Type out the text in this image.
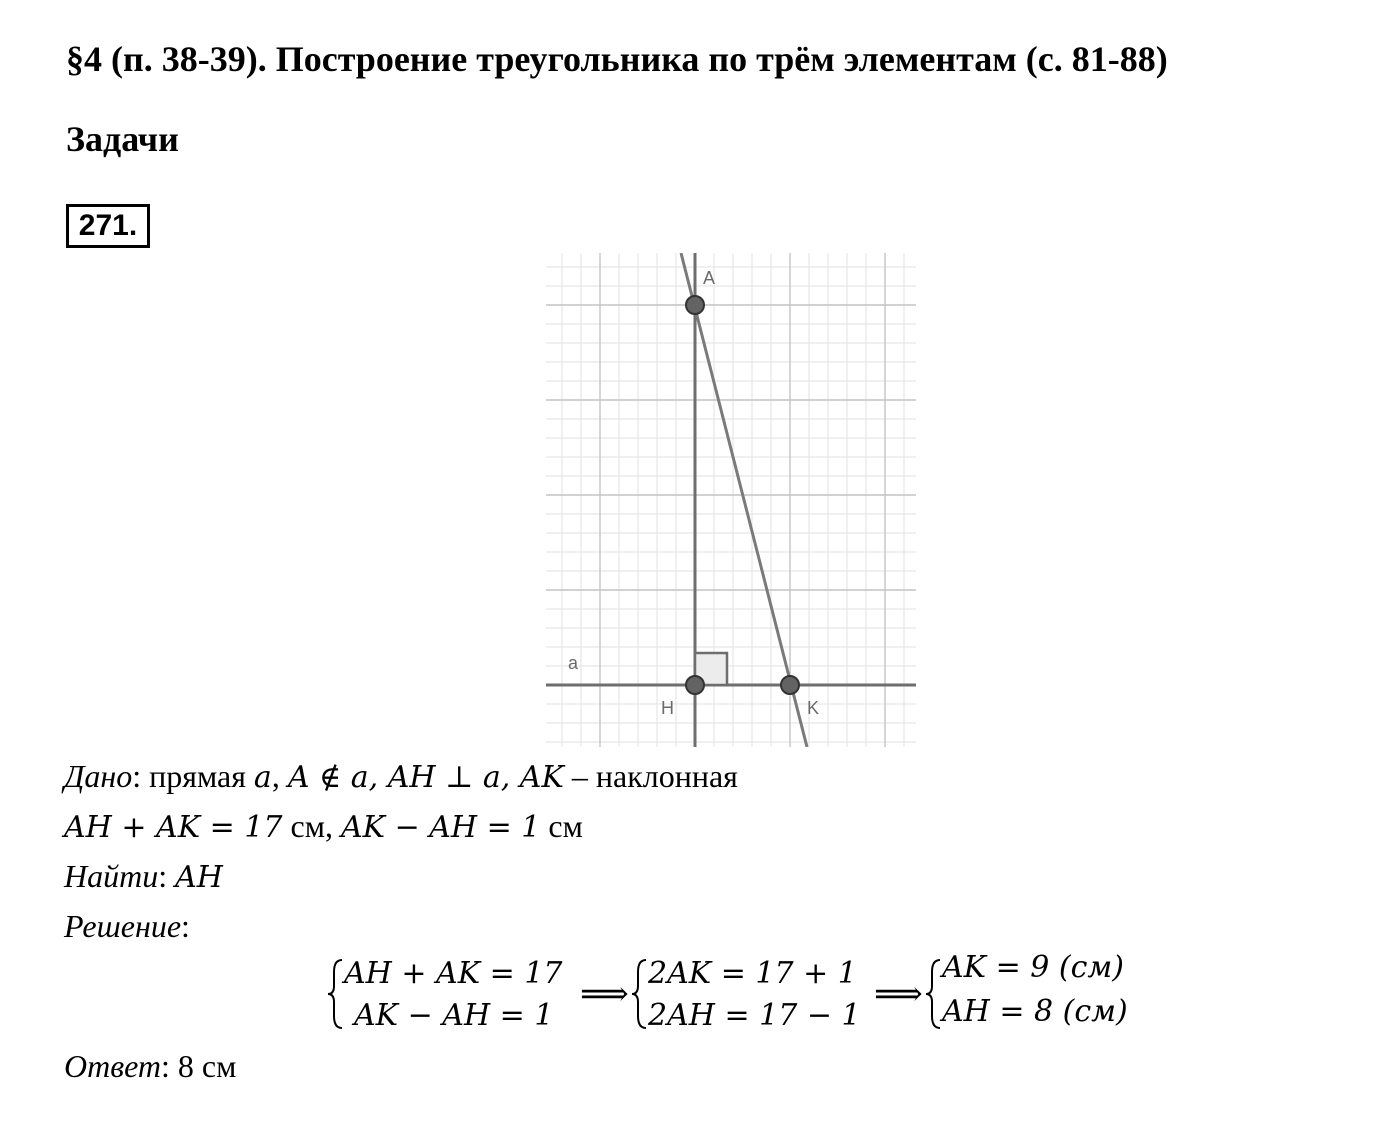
§4 (п. 38-39). Построение треугольника по трём элементам (с. 81-88)
Задачи
271.
A
H	K
a
Дано: прямая a, A ∉ a, AH ⊥ a, AK – наклонная
AH + AK = 17 см, AK − AH = 1 см
Найти: AH
Решение:
AH + AK = 17
AK − AH = 1
⟹
2AK = 17 + 1
2AH = 17 − 1
⟹
AK = 9 (см)
AH = 8 (см)
Ответ: 8 см
